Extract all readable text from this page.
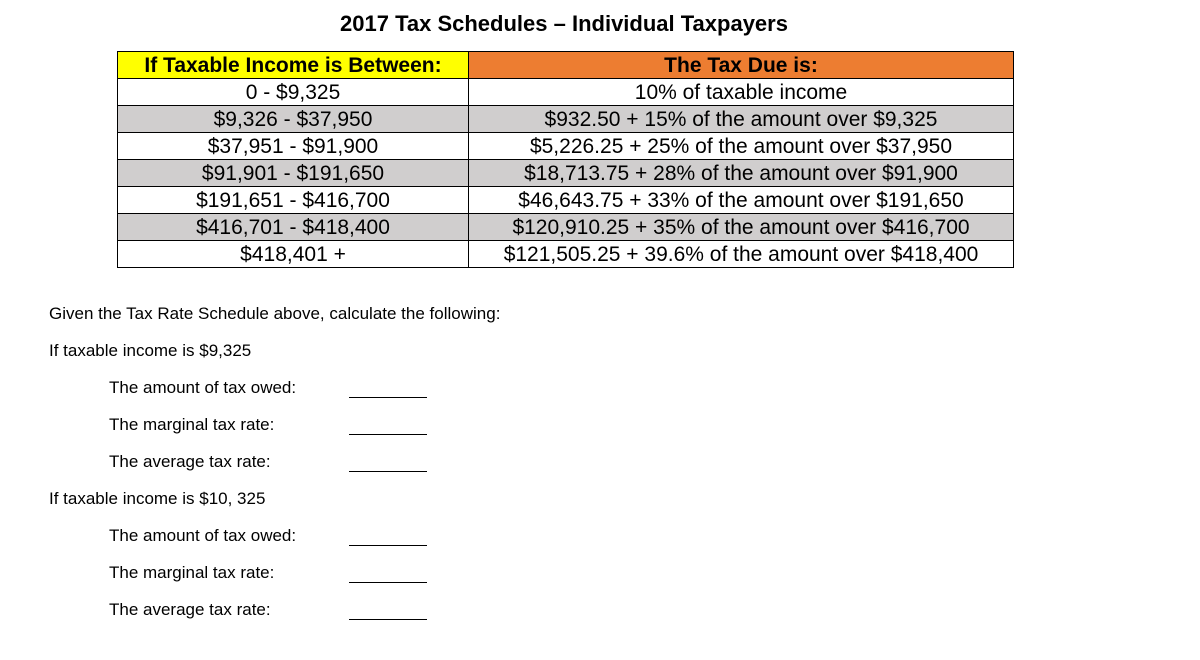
2017 Tax Schedules – Individual Taxpayers
If Taxable Income is Between:	The Tax Due is:
0 - $9,325	10% of taxable income
$9,326 - $37,950	$932.50 + 15% of the amount over $9,325
$37,951 - $91,900	$5,226.25 + 25% of the amount over $37,950
$91,901 - $191,650	$18,713.75 + 28% of the amount over $91,900
$191,651 - $416,700	$46,643.75 + 33% of the amount over $191,650
$416,701 - $418,400	$120,910.25 + 35% of the amount over $416,700
$418,401 +	$121,505.25 + 39.6% of the amount over $418,400
Given the Tax Rate Schedule above, calculate the following:
If taxable income is $9,325
The amount of tax owed:
The marginal tax rate:
The average tax rate:
If taxable income is $10, 325
The amount of tax owed:
The marginal tax rate:
The average tax rate:
